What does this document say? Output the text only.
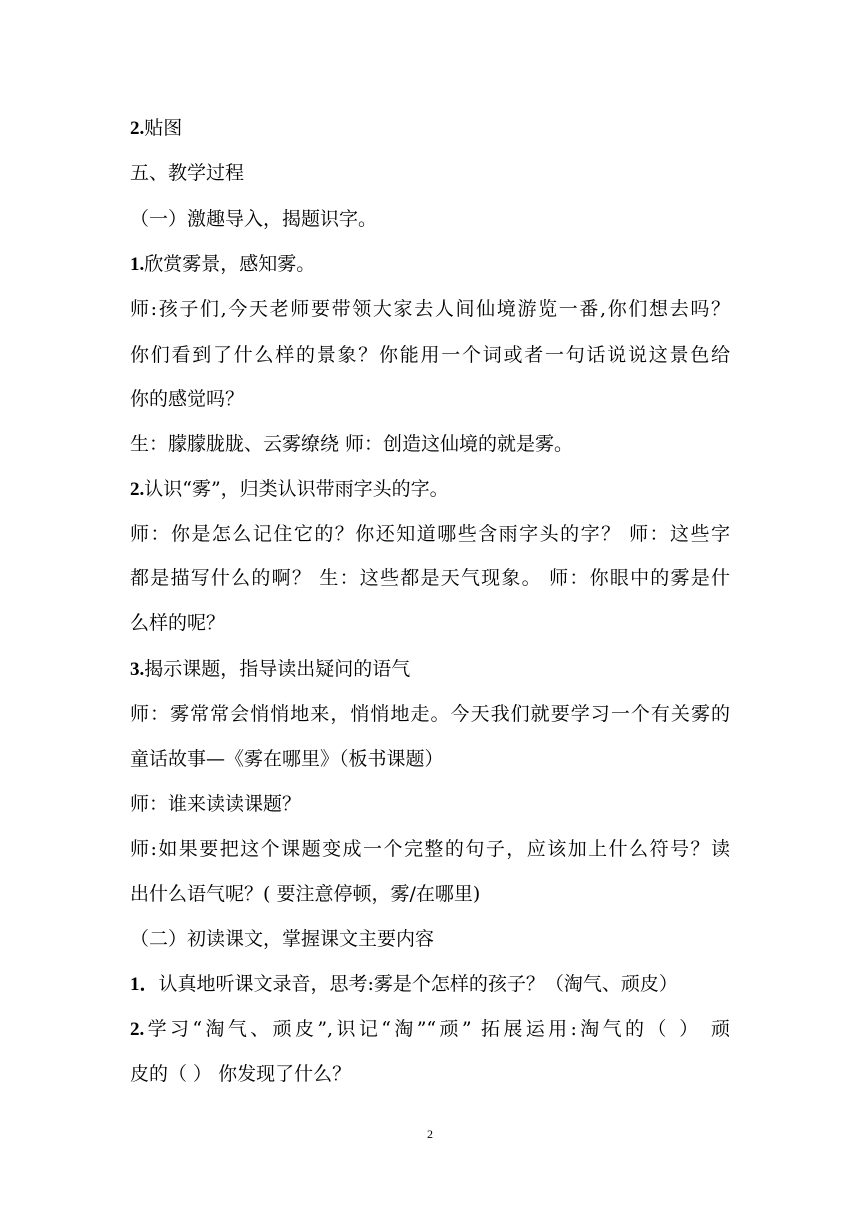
2.贴图
五、教学过程
（一）激趣导入，揭题识字。
1.欣赏雾景，感知雾。
师:孩子们,今天老师要带领大家去人间仙境游览一番,你们想去吗？
你们看到了什么样的景象？你能用一个词或者一句话说说这景色给
你的感觉吗？
生：朦朦胧胧、云雾缭绕 师：创造这仙境的就是雾。
2.认识“雾”，归类认识带雨字头的字。
师：你是怎么记住它的？你还知道哪些含雨字头的字？ 师：这些字
都是描写什么的啊？ 生：这些都是天气现象。 师：你眼中的雾是什
么样的呢？
3.揭示课题，指导读出疑问的语气
师：雾常常会悄悄地来，悄悄地走。今天我们就要学习一个有关雾的
童话故事—《雾在哪里》（板书课题）
师：谁来读读课题？
师:如果要把这个课题变成一个完整的句子，应该加上什么符号？读
出什么语气呢？( 要注意停顿，雾/在哪里)
（二）初读课文，掌握课文主要内容
1．认真地听课文录音，思考:雾是个怎样的孩子？（淘气、顽皮）
2.学习“淘气、顽皮”,识记“淘”“顽” 拓展运用:淘气的（ ） 顽
皮的（ ） 你发现了什么？
2
